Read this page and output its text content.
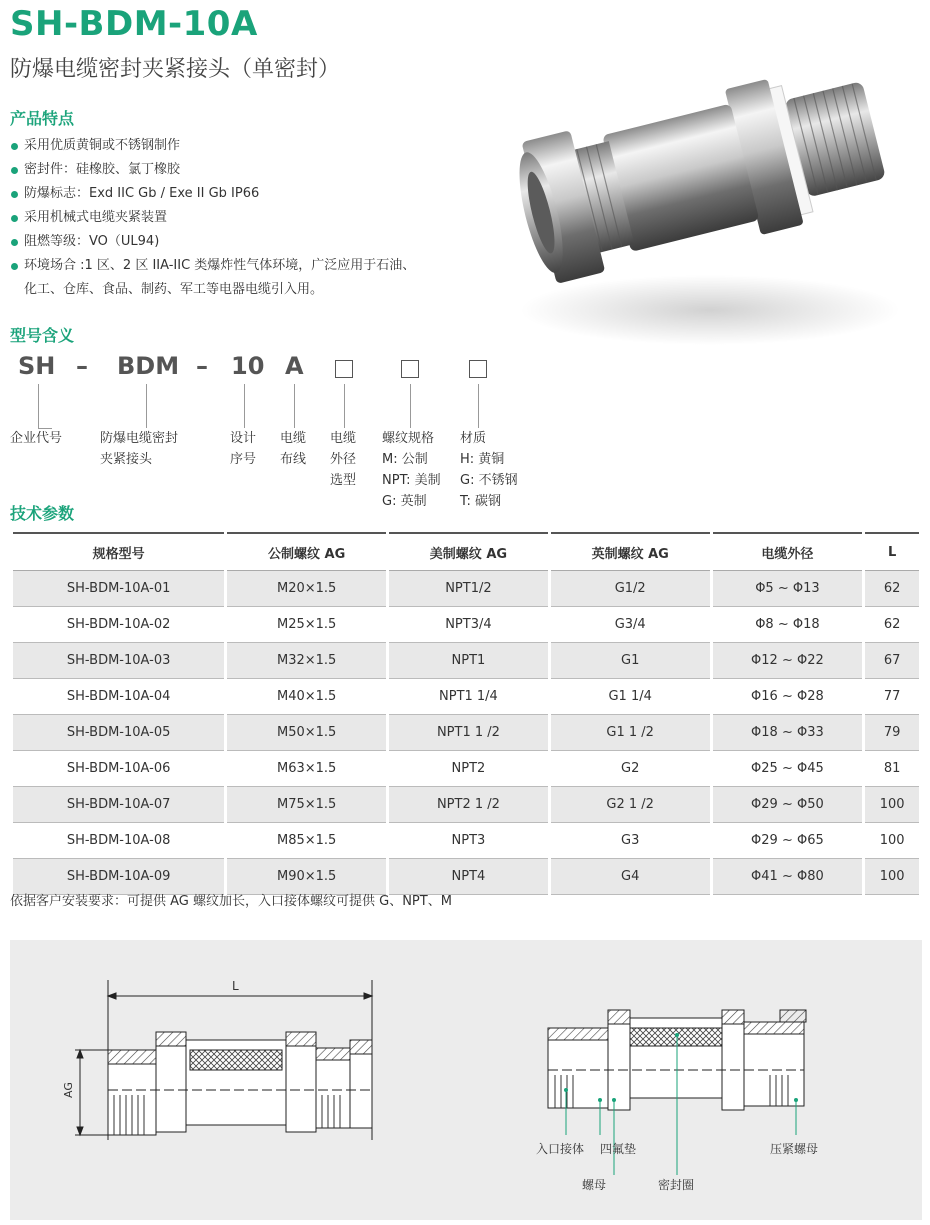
SH-BDM-10A
防爆电缆密封夹紧接头（单密封）
产品特点
采用优质黄铜或不锈钢制作
密封件：硅橡胶、氯丁橡胶
防爆标志：Exd IIC Gb / Exe II Gb IP66
采用机械式电缆夹紧装置
阻燃等级：VO（UL94)
环境场合 :1 区、2 区 IIA-IIC 类爆炸性气体环境，广泛应用于石油、
化工、仓库、食品、制药、军工等电器电缆引入用。
型号含义
SH – BDM – 10 A
企业代号	防爆电缆密封
夹紧接头
设计
序号
电缆
布线
电缆
外径
选型
螺纹规格
M: 公制
NPT: 美制
G: 英制
材质
H: 黄铜
G: 不锈钢
T: 碳钢
技术参数
规格型号	公制螺纹 AG	美制螺纹 AG	英制螺纹 AG	电缆外径	L
SH-BDM-10A-01	M20×1.5	NPT1/2	G1/2	Φ5 ~ Φ13	62
SH-BDM-10A-02	M25×1.5	NPT3/4	G3/4	Φ8 ~ Φ18	62
SH-BDM-10A-03	M32×1.5	NPT1	G1	Φ12 ~ Φ22	67
SH-BDM-10A-04	M40×1.5	NPT1 1/4	G1 1/4	Φ16 ~ Φ28	77
SH-BDM-10A-05	M50×1.5	NPT1 1 /2	G1 1 /2	Φ18 ~ Φ33	79
SH-BDM-10A-06	M63×1.5	NPT2	G2	Φ25 ~ Φ45	81
SH-BDM-10A-07	M75×1.5	NPT2 1 /2	G2 1 /2	Φ29 ~ Φ50	100
SH-BDM-10A-08	M85×1.5	NPT3	G3	Φ29 ~ Φ65	100
SH-BDM-10A-09	M90×1.5	NPT4	G4	Φ41 ~ Φ80	100
依据客户安装要求：可提供 AG 螺纹加长，入口接体螺纹可提供 G、NPT、M
L
AG
入口接体 四氟垫	压紧螺母
螺母	密封圈
